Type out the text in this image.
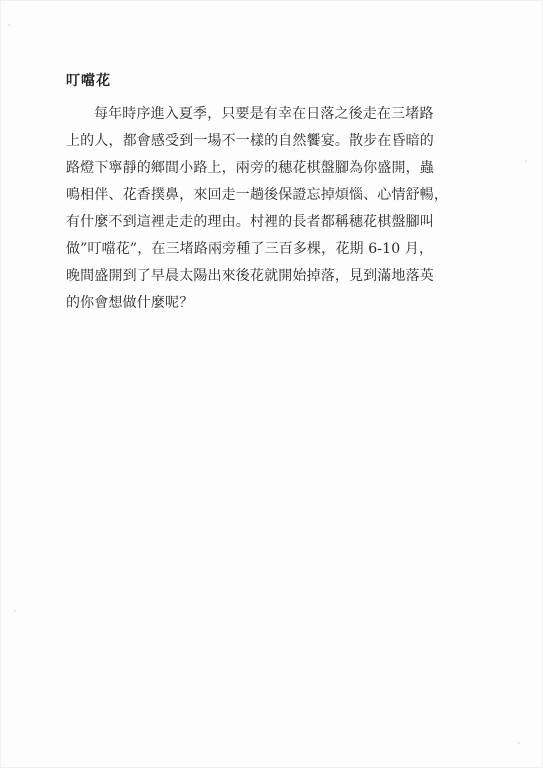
叮噹花
每年時序進入夏季，只要是有幸在日落之後走在三堵路
上的人，都會感受到一場不一樣的自然饗宴。散步在昏暗的
路燈下寧靜的鄉間小路上，兩旁的穗花棋盤腳為你盛開，蟲
鳴相伴、花香撲鼻，來回走一趟後保證忘掉煩惱、心情舒暢，
有什麼不到這裡走走的理由。村裡的長者都稱穗花棋盤腳叫
做”叮噹花”，在三堵路兩旁種了三百多棵，花期 6-10 月，
晚間盛開到了早晨太陽出來後花就開始掉落，見到滿地落英
的你會想做什麼呢？
